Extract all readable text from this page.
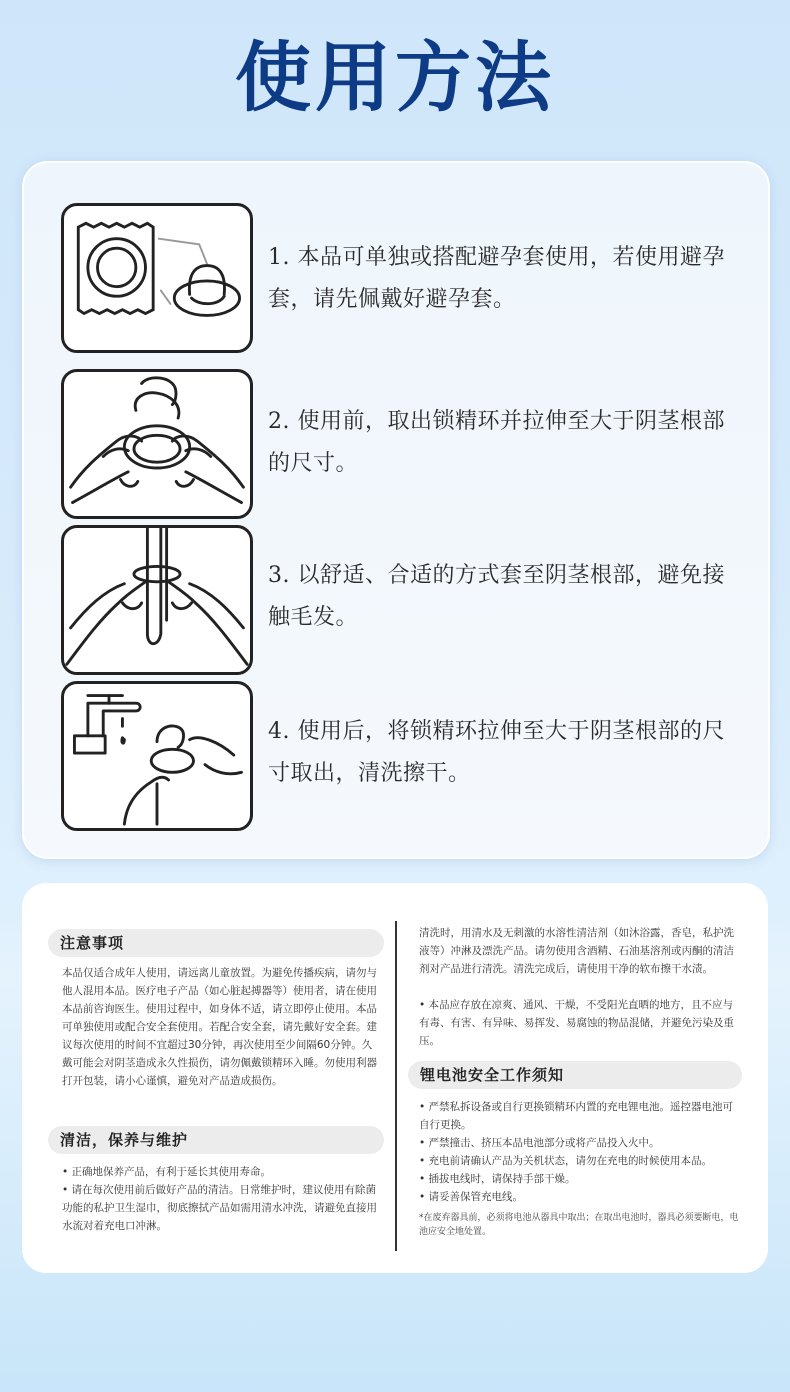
使用方法
1. 本品可单独或搭配避孕套使用，若使用避孕套，请先佩戴好避孕套。
2. 使用前，取出锁精环并拉伸至大于阴茎根部的尺寸。
3. 以舒适、合适的方式套至阴茎根部，避免接触毛发。
4. 使用后，将锁精环拉伸至大于阴茎根部的尺寸取出，清洗擦干。
注意事项
本品仅适合成年人使用，请远离儿童放置。为避免传播疾病，请勿与他人混用本品。医疗电子产品（如心脏起搏器等）使用者，请在使用本品前咨询医生。使用过程中，如身体不适，请立即停止使用。本品可单独使用或配合安全套使用。若配合安全套，请先戴好安全套。建议每次使用的时间不宜超过30分钟，再次使用至少间隔60分钟。久戴可能会对阴茎造成永久性损伤，请勿佩戴锁精环入睡。勿使用利器打开包装，请小心谨慎，避免对产品造成损伤。
清洁，保养与维护
• 正确地保养产品，有利于延长其使用寿命。
• 请在每次使用前后做好产品的清洁。日常维护时，建议使用有除菌功能的私护卫生湿巾，彻底擦拭产品如需用清水冲洗，请避免直接用水流对着充电口冲淋。
清洗时，用清水及无刺激的水溶性清洁剂（如沐浴露，香皂，私护洗液等）冲淋及漂洗产品。请勿使用含酒精、石油基溶剂或丙酮的清洁剂对产品进行清洗。清洗完成后，请使用干净的软布擦干水渍。
• 本品应存放在凉爽、通风、干燥，不受阳光直晒的地方，且不应与有毒、有害、有异味、易挥发、易腐蚀的物品混储，并避免污染及重压。
锂电池安全工作须知
• 严禁私拆设备或自行更换锁精环内置的充电锂电池。遥控器电池可自行更换。
• 严禁撞击、挤压本品电池部分或将产品投入火中。
• 充电前请确认产品为关机状态，请勿在充电的时候使用本品。
• 插拔电线时，请保持手部干燥。
• 请妥善保管充电线。
*在废弃器具前，必须将电池从器具中取出；在取出电池时，器具必须要断电，电池应安全地处置。
